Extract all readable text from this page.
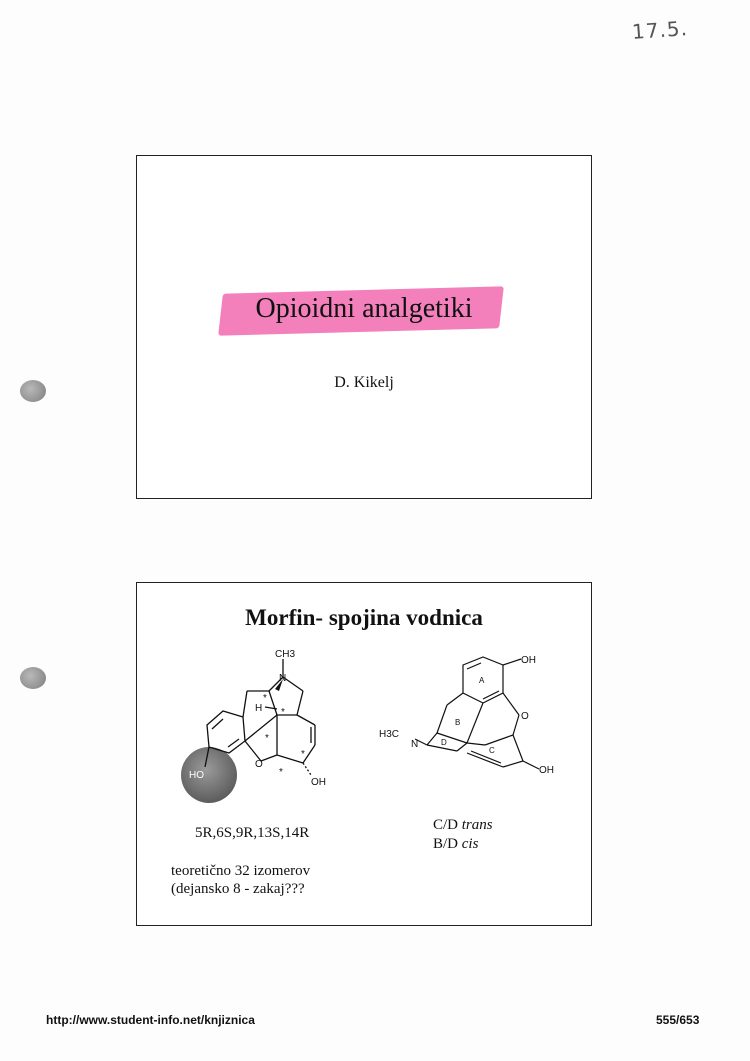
17.5.
Opioidni analgetiki
D. Kikelj
Morfin- spojina vodnica
CH3
N
H
O
OH
HO
*
*
*
*
*
OH
OH
O
H3C
N
A
B
C
D
5R,6S,9R,13S,14R	C/D trans
B/D cis
teoretično 32 izomerov
(dejansko 8 - zakaj???
http://www.student-info.net/knjiznica	555/653
